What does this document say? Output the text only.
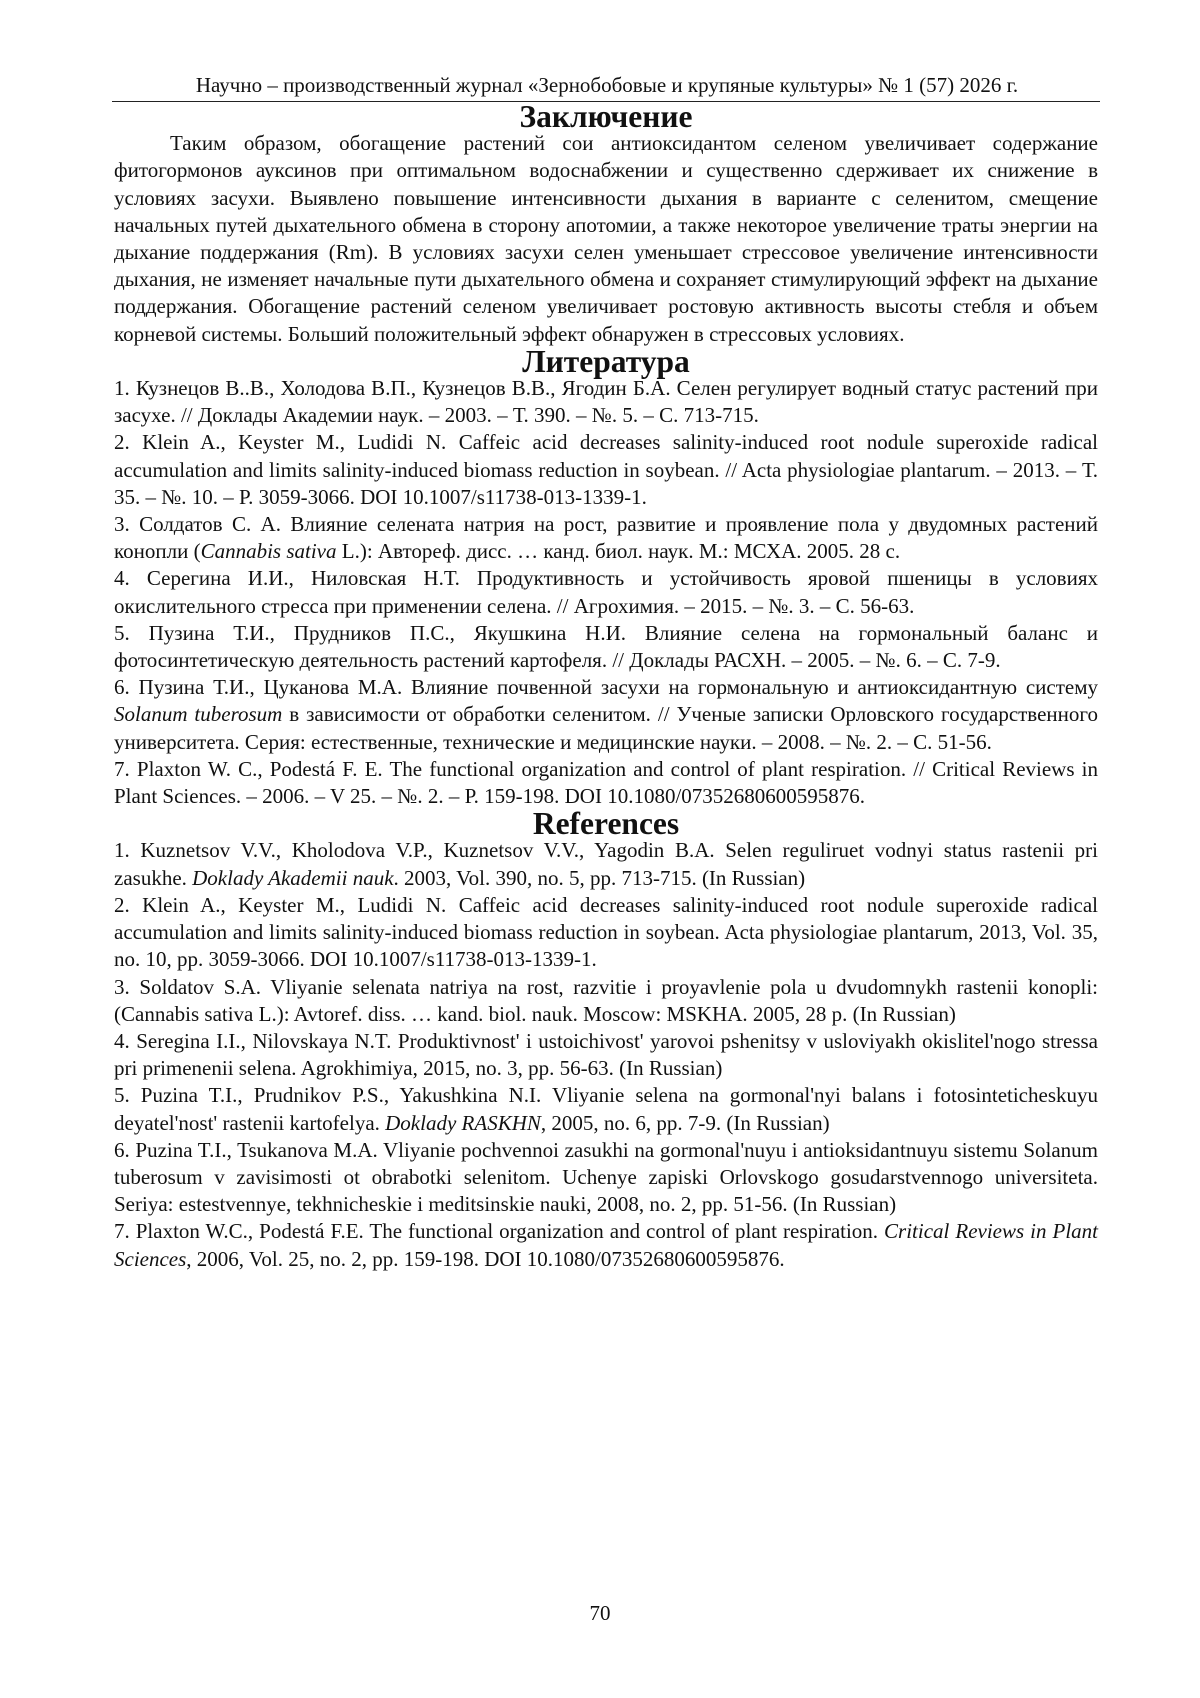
Научно – производственный журнал «Зернобобовые и крупяные культуры» № 1 (57) 2026 г.
Заключение

Таким образом, обогащение растений сои антиоксидантом селеном увеличивает содержание фитогормонов ауксинов при оптимальном водоснабжении и существенно сдерживает их снижение в условиях засухи. Выявлено повышение интенсивности дыхания в варианте с селенитом, смещение начальных путей дыхательного обмена в сторону апотомии, а также некоторое увеличение траты энергии на дыхание поддержания (Rm). В условиях засухи селен уменьшает стрессовое увеличение интенсивности дыхания, не изменяет начальные пути дыхательного обмена и сохраняет стимулирующий эффект на дыхание поддержания. Обогащение растений селеном увеличивает ростовую активность высоты стебля и объем корневой системы. Больший положительный эффект обнаружен в стрессовых условиях.

Литература

1. Кузнецов В..В., Холодова В.П., Кузнецов В.В., Ягодин Б.А. Селен регулирует водный статус растений при засухе. // Доклады Академии наук. – 2003. – Т. 390. – №. 5. – С. 713-715.

2. Klein A., Keyster M., Ludidi N. Caffeic acid decreases salinity-induced root nodule superoxide radical accumulation and limits salinity-induced biomass reduction in soybean. // Acta physiologiae plantarum. – 2013. – Т. 35. – №. 10. – Р. 3059-3066. DOI 10.1007/s11738-013-1339-1.

3. Солдатов С. А. Влияние селената натрия на рост, развитие и проявление пола у двудомных растений конопли (Cannabis sativa L.): Автореф. дисс. … канд. биол. наук. М.: МСХА. 2005. 28 с.

4. Серегина И.И., Ниловская Н.Т. Продуктивность и устойчивость яровой пшеницы в условиях окислительного стресса при применении селена. // Агрохимия. – 2015. – №. 3. – С. 56-63.

5. Пузина Т.И., Прудников П.С., Якушкина Н.И. Влияние селена на гормональный баланс и фотосинтетическую деятельность растений картофеля. // Доклады РАСХН. – 2005. – №. 6. – С. 7-9.

6. Пузина Т.И., Цуканова М.А. Влияние почвенной засухи на гормональную и антиоксидантную систему Solanum tuberosum в зависимости от обработки селенитом. // Ученые записки Орловского государственного университета. Серия: естественные, технические и медицинские науки. – 2008. – №. 2. – С. 51-56.

7. Plaxton W. C., Podestá F. E. The functional organization and control of plant respiration. // Critical Reviews in Plant Sciences. – 2006. – V 25. – №. 2. – Р. 159-198. DOI 10.1080/07352680600595876.

References

1. Kuznetsov V.V., Kholodova V.P., Kuznetsov V.V., Yagodin B.A. Selen reguliruet vodnyi status rastenii pri zasukhe. Doklady Akademii nauk. 2003, Vol. 390, no. 5, pp. 713-715. (In Russian)

2. Klein A., Keyster M., Ludidi N. Caffeic acid decreases salinity-induced root nodule superoxide radical accumulation and limits salinity-induced biomass reduction in soybean. Acta physiologiae plantarum, 2013, Vol. 35, no. 10, pp. 3059-3066. DOI 10.1007/s11738-013-1339-1.

3. Soldatov S.A. Vliyanie selenata natriya na rost, razvitie i proyavlenie pola u dvudomnykh rastenii konopli: (Cannabis sativa L.): Avtoref. diss. … kand. biol. nauk. Moscow: MSKHA. 2005, 28 p. (In Russian)

4. Seregina I.I., Nilovskaya N.T. Produktivnost' i ustoichivost' yarovoi pshenitsy v usloviyakh okislitel'nogo stressa pri primenenii selena. Agrokhimiya, 2015, no. 3, pp. 56-63. (In Russian)

5. Puzina T.I., Prudnikov P.S., Yakushkina N.I. Vliyanie selena na gormonal'nyi balans i fotosinteticheskuyu deyatel'nost' rastenii kartofelya. Doklady RASKHN, 2005, no. 6, pp. 7-9. (In Russian)

6. Puzina T.I., Tsukanova M.A. Vliyanie pochvennoi zasukhi na gormonal'nuyu i antioksidantnuyu sistemu Solanum tuberosum v zavisimosti ot obrabotki selenitom. Uchenye zapiski Orlovskogo gosudarstvennogo universiteta. Seriya: estestvennye, tekhnicheskie i meditsinskie nauki, 2008, no. 2, pp. 51-56. (In Russian)

7. Plaxton W.C., Podestá F.E. The functional organization and control of plant respiration. Critical Reviews in Plant Sciences, 2006, Vol. 25, no. 2, pp. 159-198. DOI 10.1080/07352680600595876.

70
